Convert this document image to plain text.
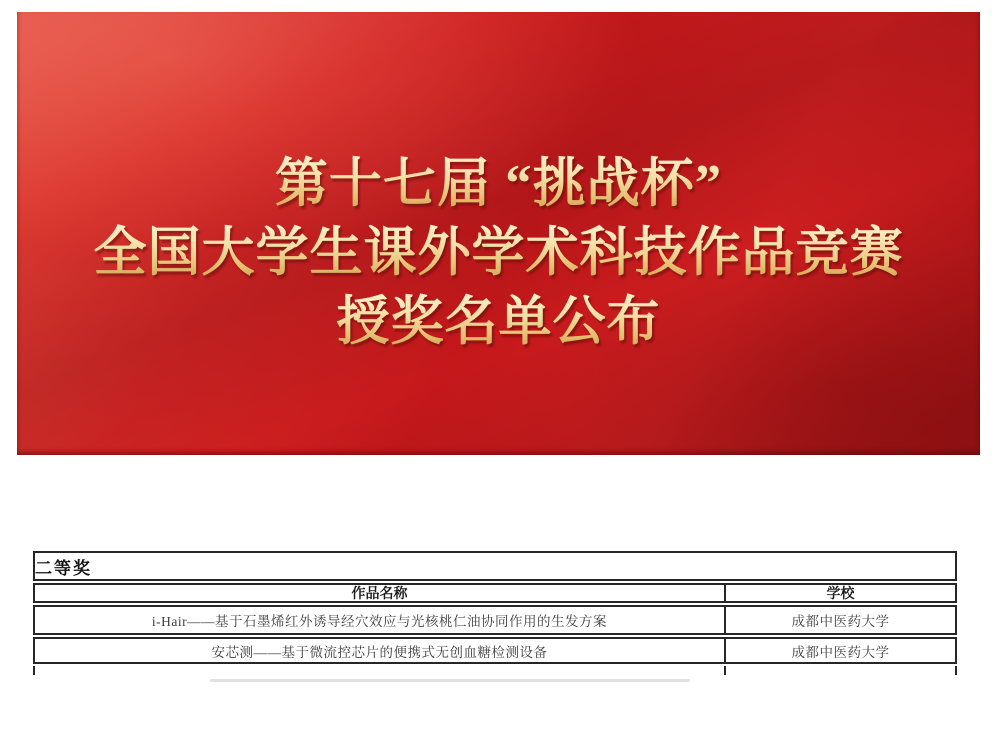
第十七届 “挑战杯”
全国大学生课外学术科技作品竞赛
授奖名单公布
二等奖
作品名称	学校
i-Hair——基于石墨烯红外诱导经穴效应与光核桃仁油协同作用的生发方案	成都中医药大学
安芯测——基于微流控芯片的便携式无创血糖检测设备	成都中医药大学
